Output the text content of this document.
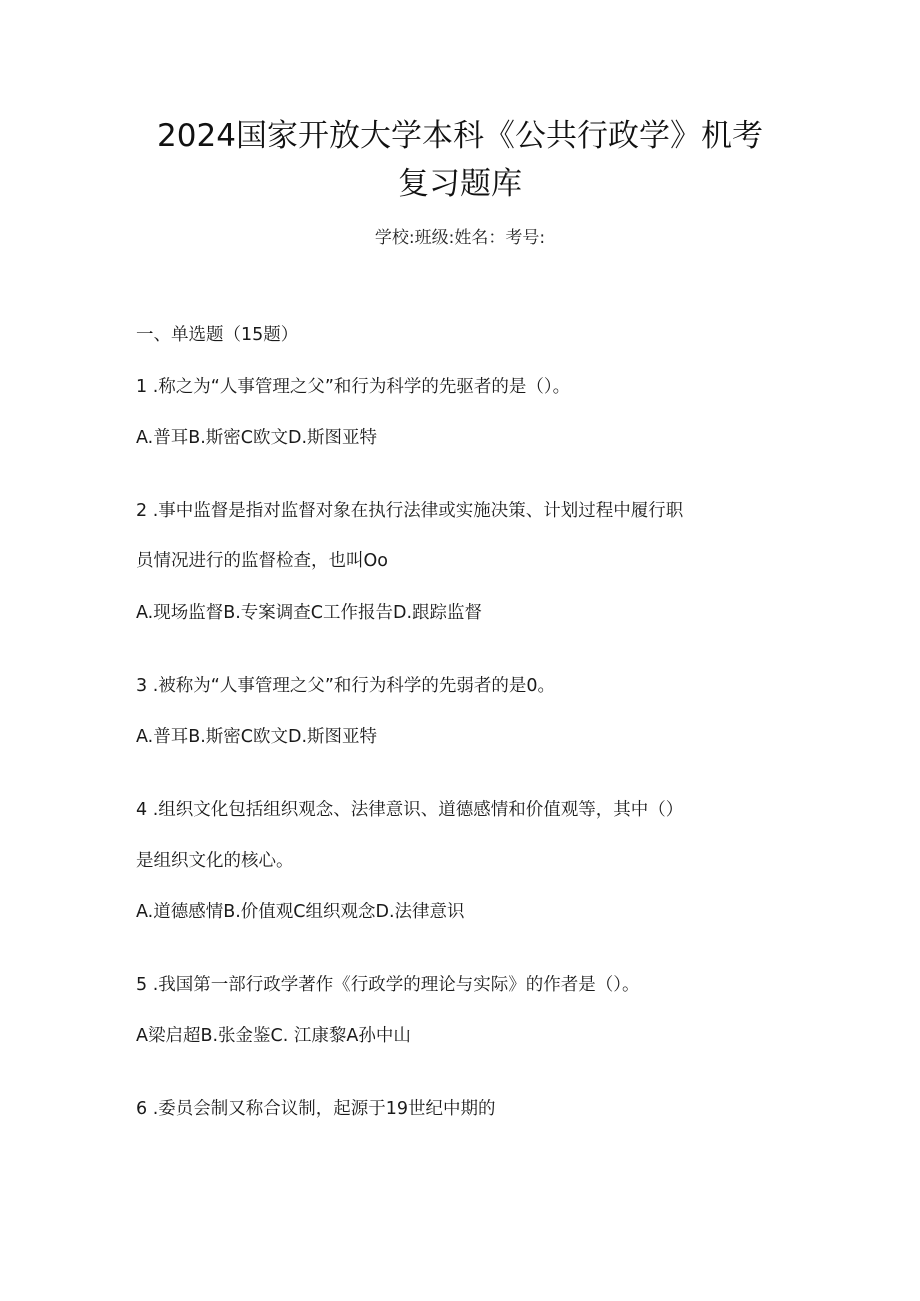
2024国家开放大学本科《公共行政学》机考
复习题库
学校:班级:姓名：考号:
一、单选题（15题）
1 .称之为“人事管理之父”和行为科学的先驱者的是（）。
A.普耳B.斯密C欧文D.斯图亚特
2 .事中监督是指对监督对象在执行法律或实施决策、计划过程中履行职
员情况进行的监督检查，也叫Oo
A.现场监督B.专案调查C工作报告D.跟踪监督
3 .被称为“人事管理之父”和行为科学的先弱者的是0。
A.普耳B.斯密C欧文D.斯图亚特
4 .组织文化包括组织观念、法律意识、道德感情和价值观等，其中（）
是组织文化的核心。
A.道德感情B.价值观C组织观念D.法律意识
5 .我国第一部行政学著作《行政学的理论与实际》的作者是（）。
A梁启超B.张金鉴C. 江康黎A孙中山
6 .委员会制又称合议制，起源于19世纪中期的
